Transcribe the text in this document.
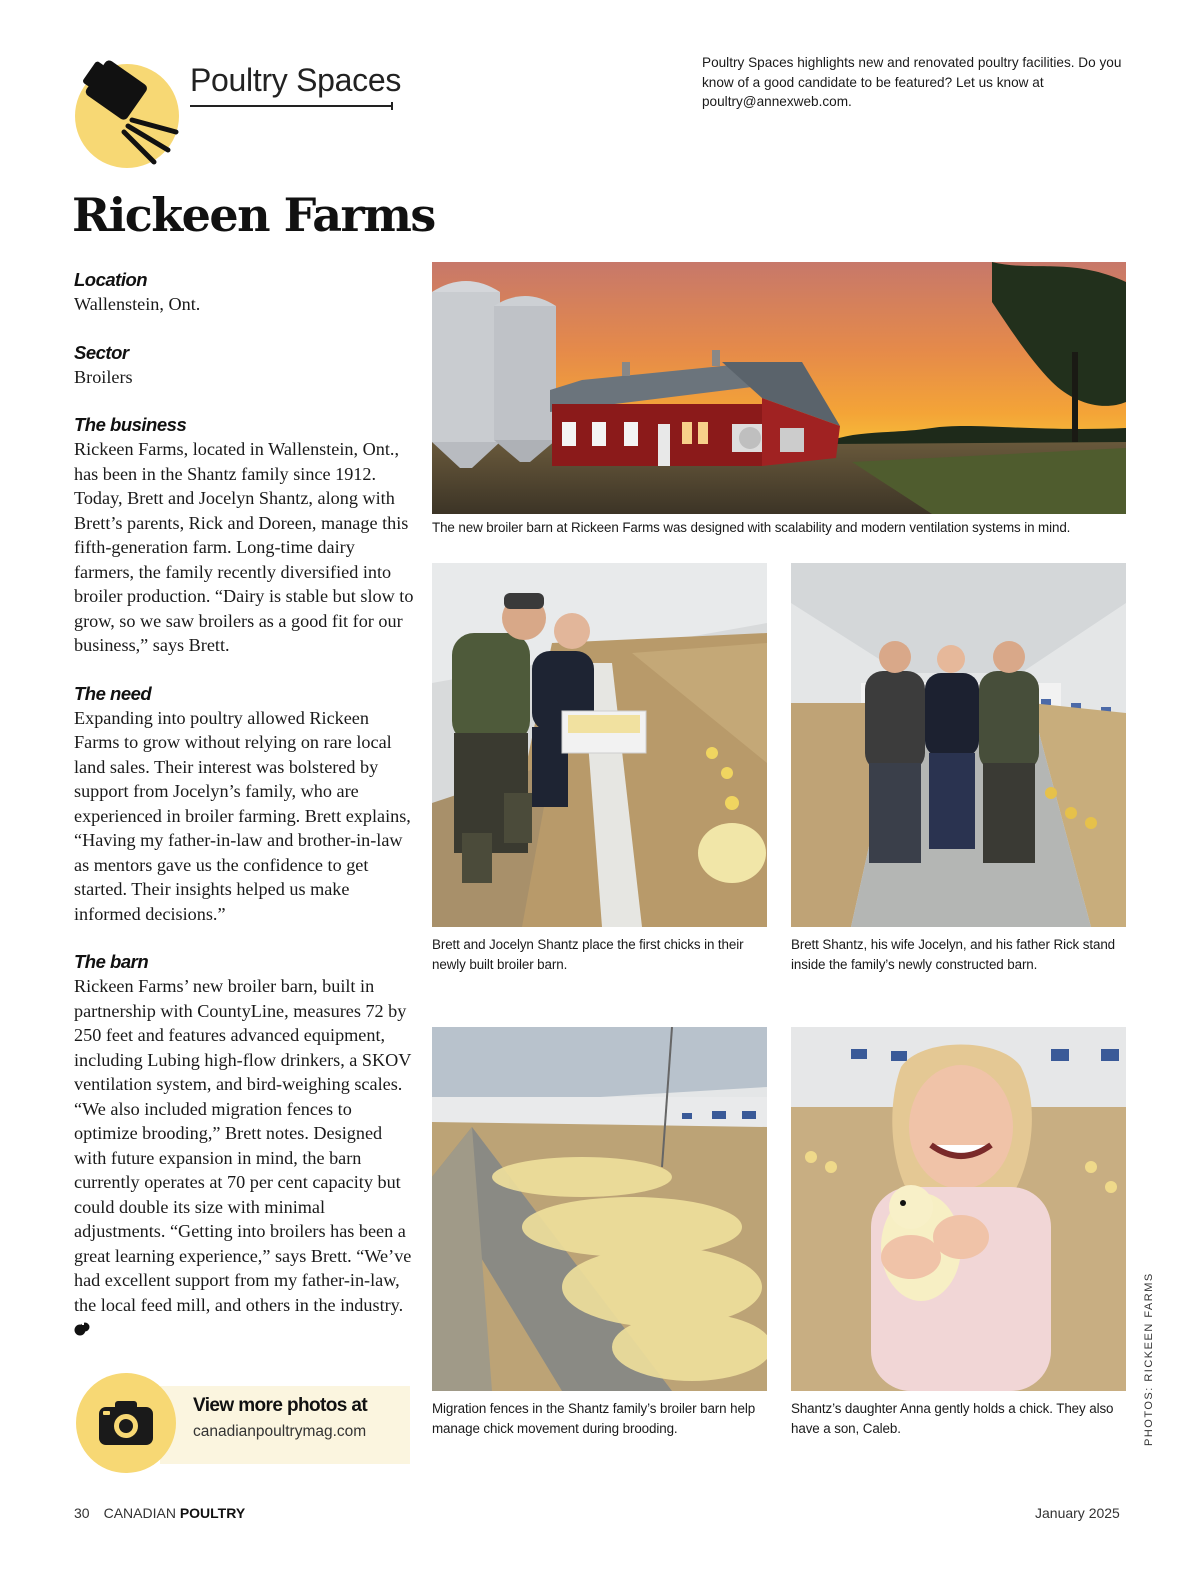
Poultry Spaces	Poultry Spaces highlights new and renovated poultry facilities. Do you know of a good candidate to be featured? Let us know at poultry@annexweb.com.
Rickeen Farms
Location
Wallenstein, Ont.
Sector
Broilers
The business
Rickeen Farms, located in Wallenstein, Ont., has been in the Shantz family since 1912. Today, Brett and Jocelyn Shantz, along with Brett’s parents, Rick and Doreen, manage this fifth-generation farm. Long-time dairy farmers, the family recently diversified into broiler production. “Dairy is stable but slow to grow, so we saw broilers as a good fit for our business,” says Brett.
The need
Expanding into poultry allowed Rickeen Farms to grow without relying on rare local land sales. Their interest was bolstered by support from Jocelyn’s family, who are experienced in broiler farming. Brett explains, “Having my father-in-law and brother-in-law as mentors gave us the confidence to get started. Their insights helped us make informed decisions.”
The barn
Rickeen Farms’ new broiler barn, built in partnership with CountyLine, measures 72 by 250 feet and features advanced equipment, including Lubing high-flow drinkers, a SKOV ventilation system, and bird-weighing scales. “We also included migration fences to optimize brooding,” Brett notes. Designed with future expansion in mind, the barn currently operates at 70 per cent capacity but could double its size with minimal adjustments. “Getting into broilers has been a great learning experience,” says Brett. “We’ve had excellent support from my father-in-law, the local feed mill, and others in the industry.
View more photos at
canadianpoultrymag.com
The new broiler barn at Rickeen Farms was designed with scalability and modern ventilation systems in mind.
Brett and Jocelyn Shantz place the first chicks in their newly built broiler barn.
Brett Shantz, his wife Jocelyn, and his father Rick stand inside the family’s newly constructed barn.
Migration fences in the Shantz family’s broiler barn help manage chick movement during brooding.
Shantz’s daughter Anna gently holds a chick. They also have a son, Caleb.	PHOTOS: RICKEEN FARMS
30 CANADIAN POULTRY	January 2025
